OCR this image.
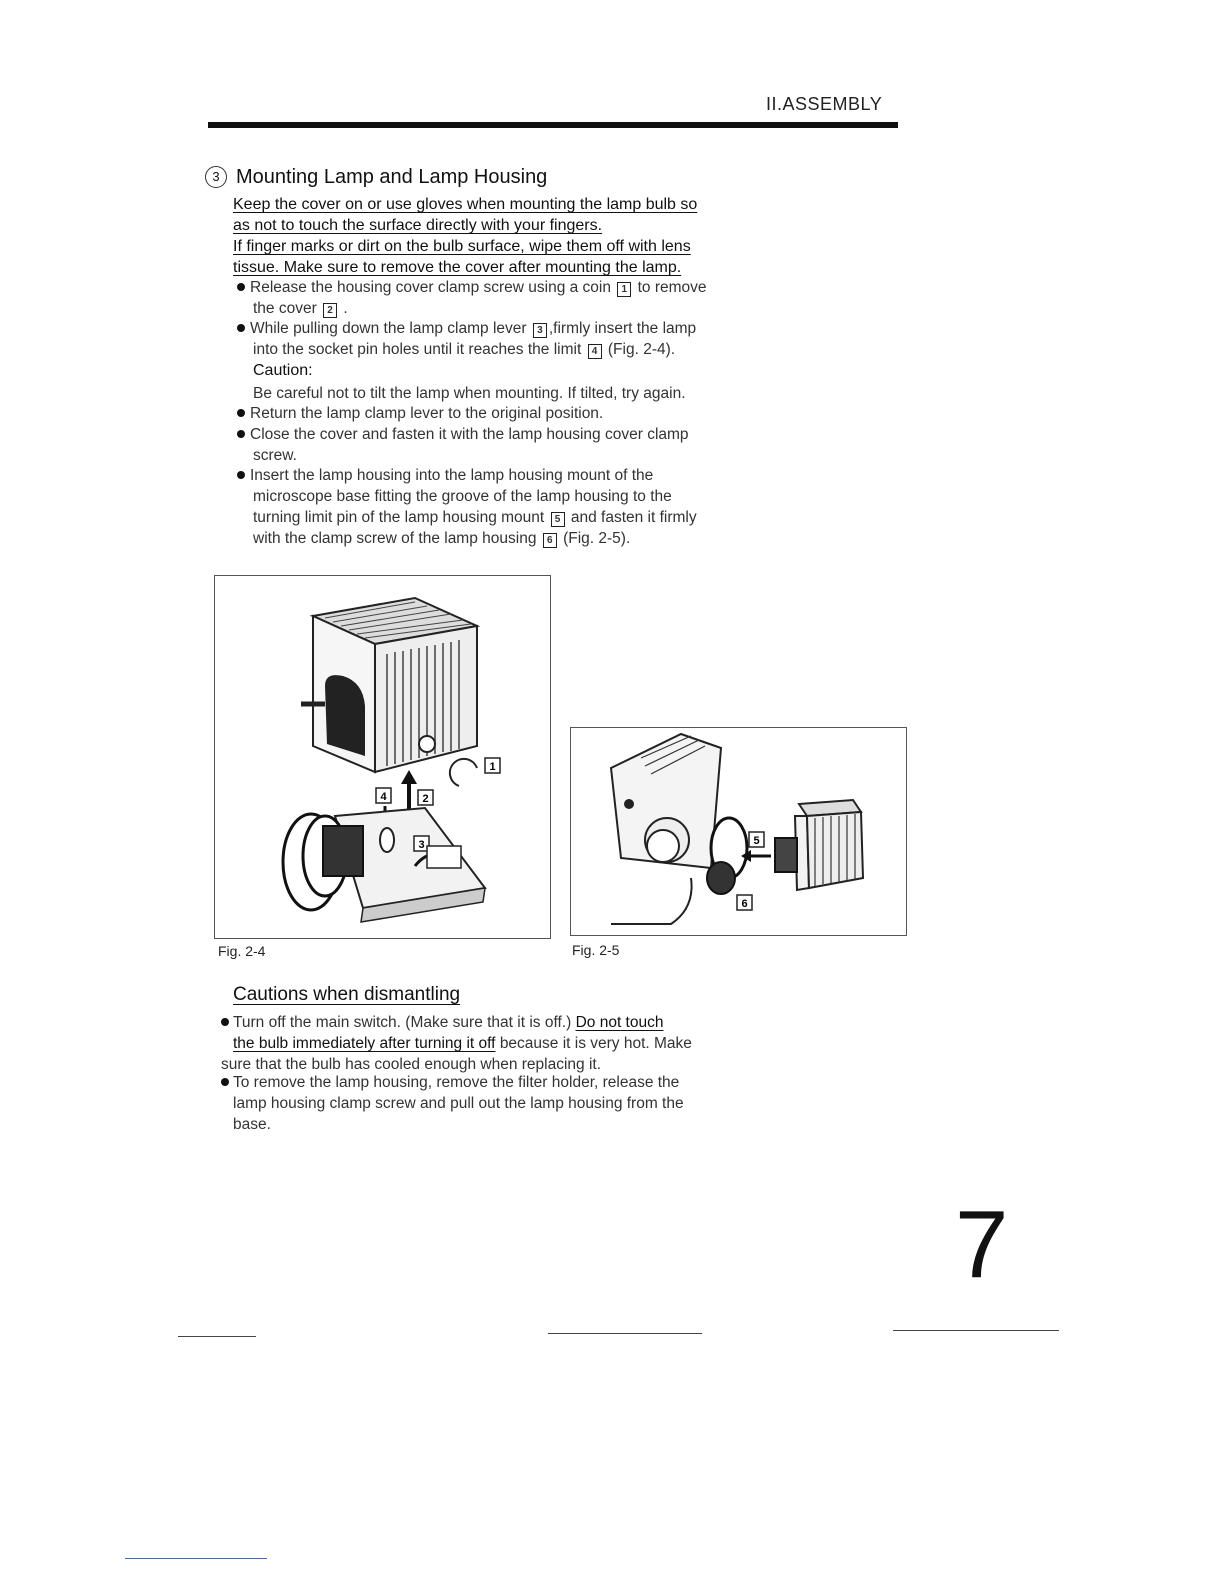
II.ASSEMBLY
3 Mounting Lamp and Lamp Housing
Keep the cover on or use gloves when mounting the lamp bulb so
as not to touch the surface directly with your fingers.
If finger marks or dirt on the bulb surface, wipe them off with lens
tissue. Make sure to remove the cover after mounting the lamp.
Release the housing cover clamp screw using a coin 1 to remove
the cover 2 .
While pulling down the lamp clamp lever 3 ,firmly insert the lamp
into the socket pin holes until it reaches the limit 4 (Fig. 2-4).
Caution:
Be careful not to tilt the lamp when mounting. If tilted, try again.
Return the lamp clamp lever to the original position.
Close the cover and fasten it with the lamp housing cover clamp
screw.
Insert the lamp housing into the lamp housing mount of the
microscope base fitting the groove of the lamp housing to the
turning limit pin of the lamp housing mount 5 and fasten it firmly
with the clamp screw of the lamp housing 6 (Fig. 2-5).
1
2
4
3
Fig. 2-4
5
6
Fig. 2-5
Cautions when dismantling
Turn off the main switch. (Make sure that it is off.) Do not touch
the bulb immediately after turning it off because it is very hot. Make
sure that the bulb has cooled enough when replacing it.
To remove the lamp housing, remove the filter holder, release the
lamp housing clamp screw and pull out the lamp housing from the
base.
7
